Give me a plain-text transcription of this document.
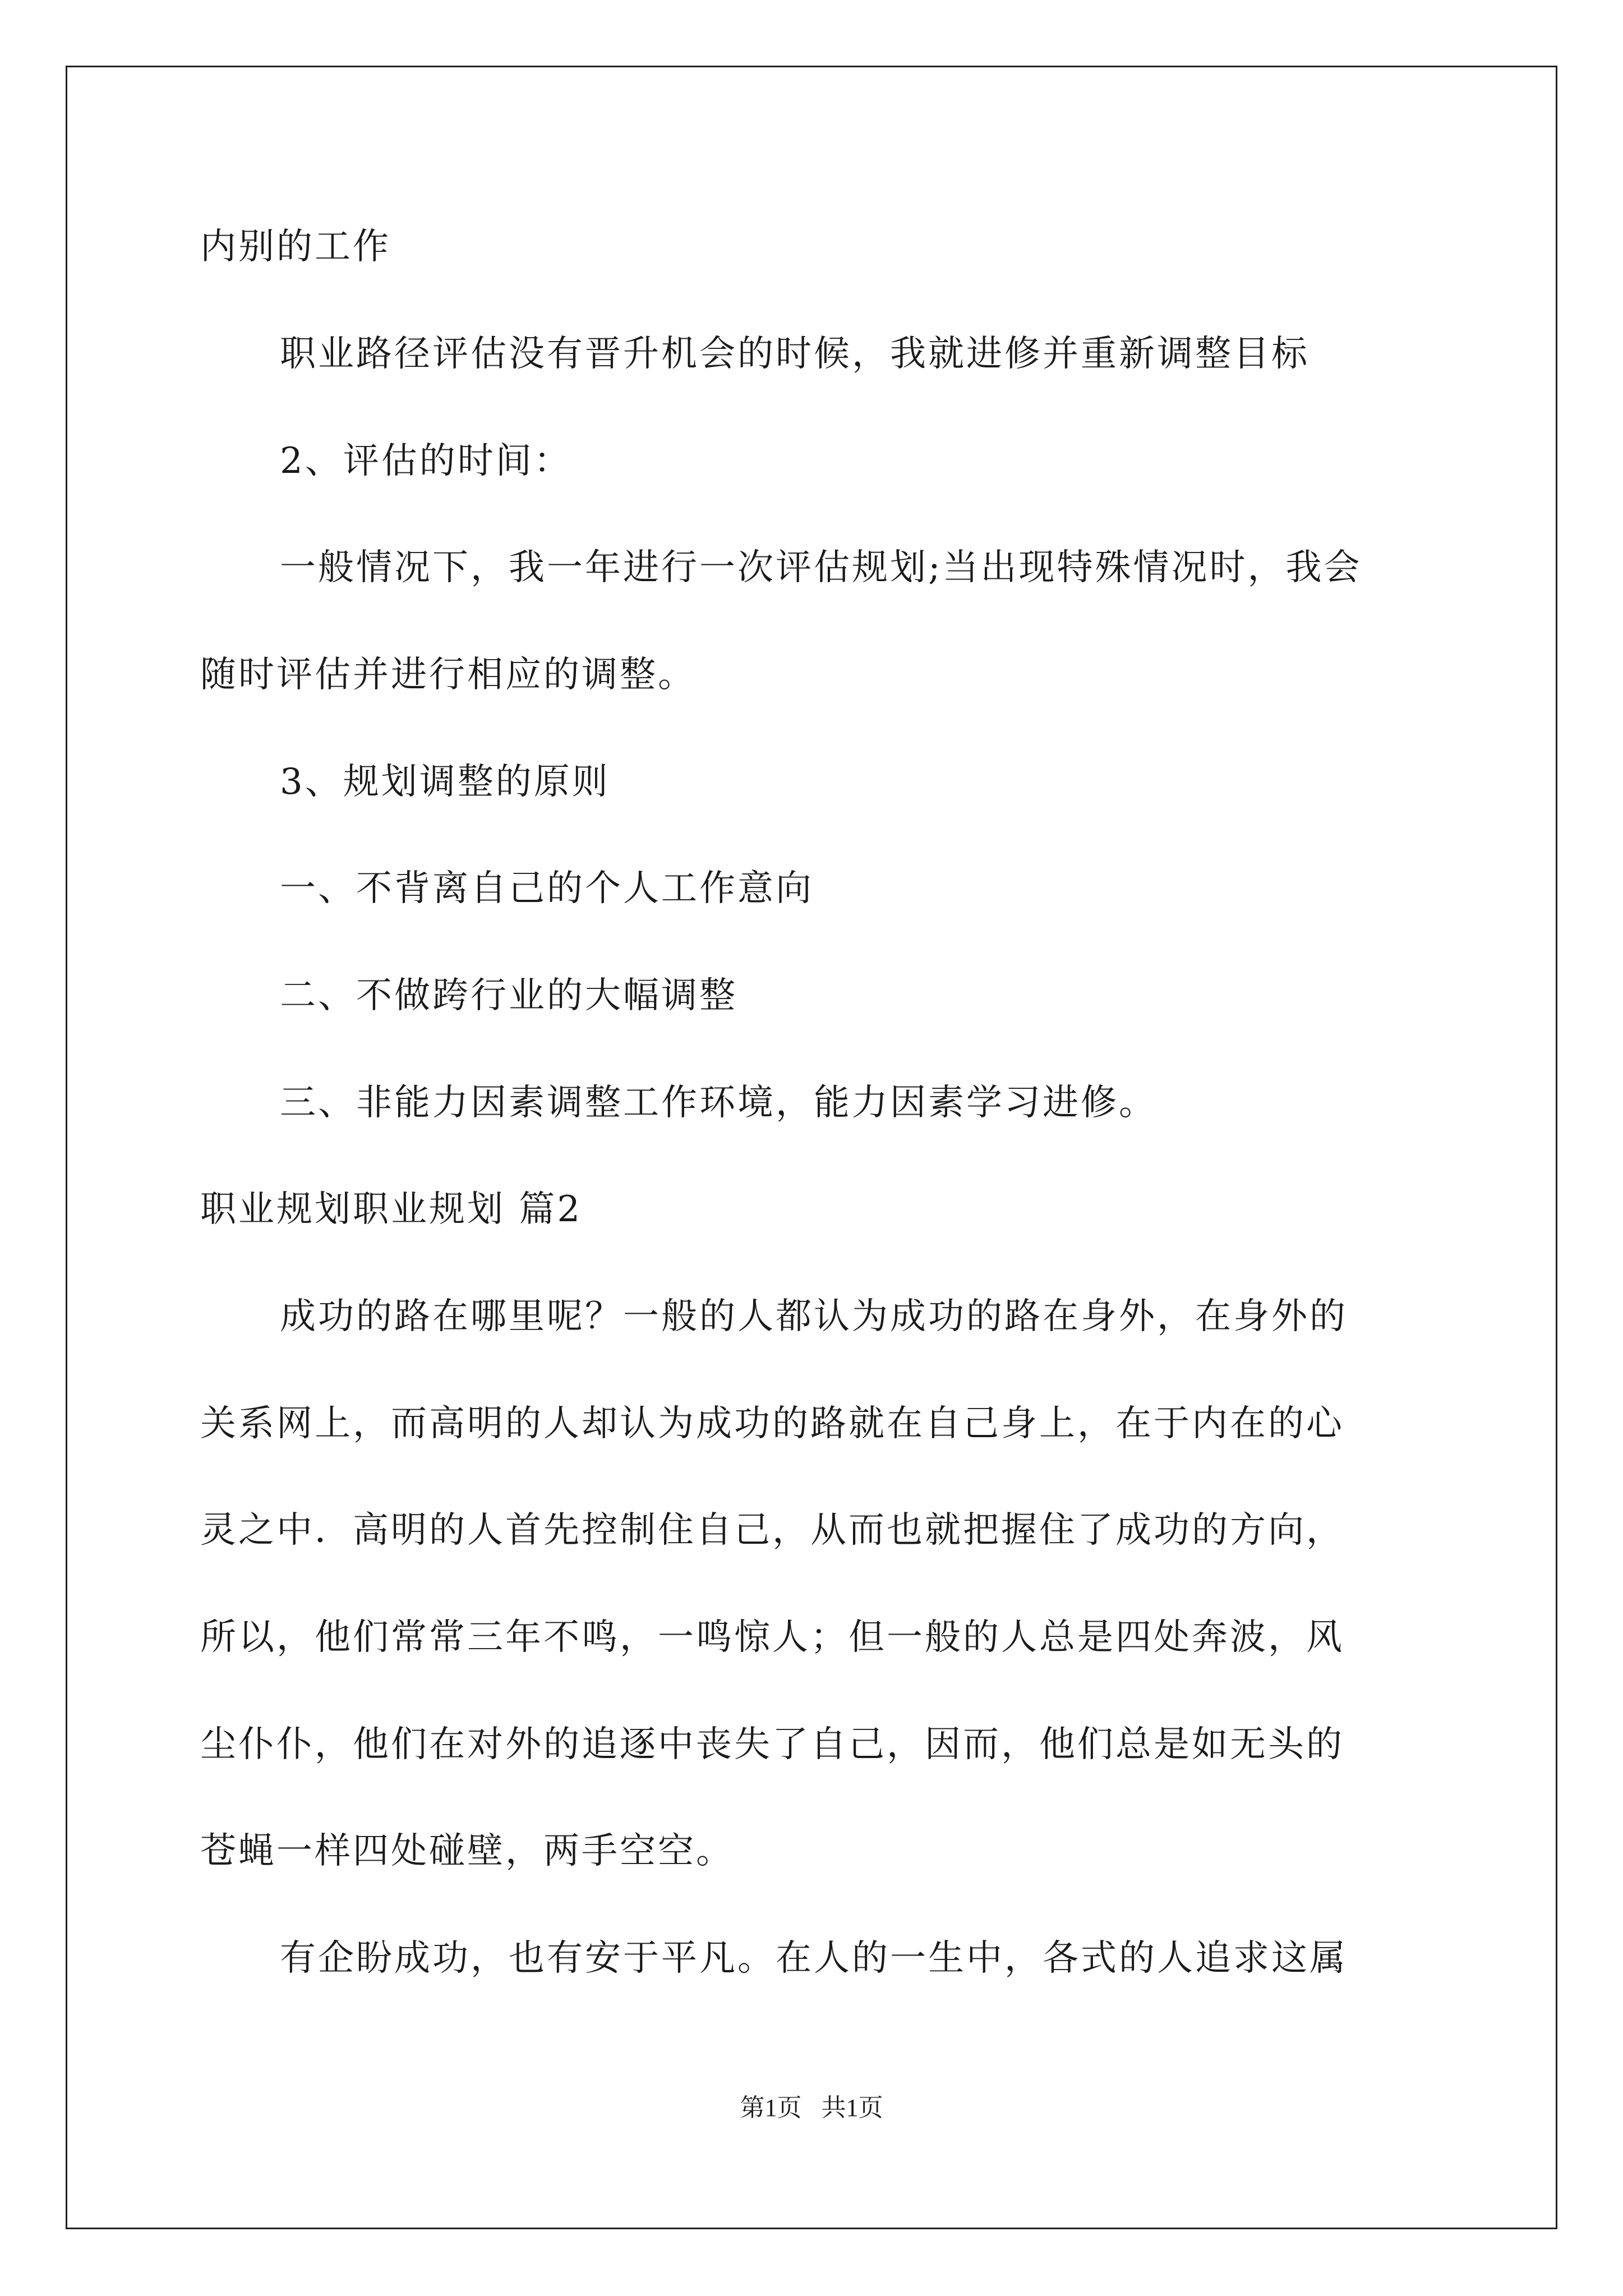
内别的工作
职业路径评估没有晋升机会的时候，我就进修并重新调整目标
2、评估的时间：
一般情况下，我一年进行一次评估规划;当出现特殊情况时，我会
随时评估并进行相应的调整。
3、规划调整的原则
一、不背离自己的个人工作意向
二、不做跨行业的大幅调整
三、非能力因素调整工作环境，能力因素学习进修。
职业规划职业规划 篇2
成功的路在哪里呢？一般的人都认为成功的路在身外，在身外的
关系网上，而高明的人却认为成功的路就在自己身上，在于内在的心
灵之中．高明的人首先控制住自己，从而也就把握住了成功的方向，
所以，他们常常三年不鸣，一鸣惊人；但一般的人总是四处奔波，风
尘仆仆，他们在对外的追逐中丧失了自己，因而，他们总是如无头的
苍蝇一样四处碰壁，两手空空。
有企盼成功，也有安于平凡。在人的一生中，各式的人追求这属
第1页 共1页
